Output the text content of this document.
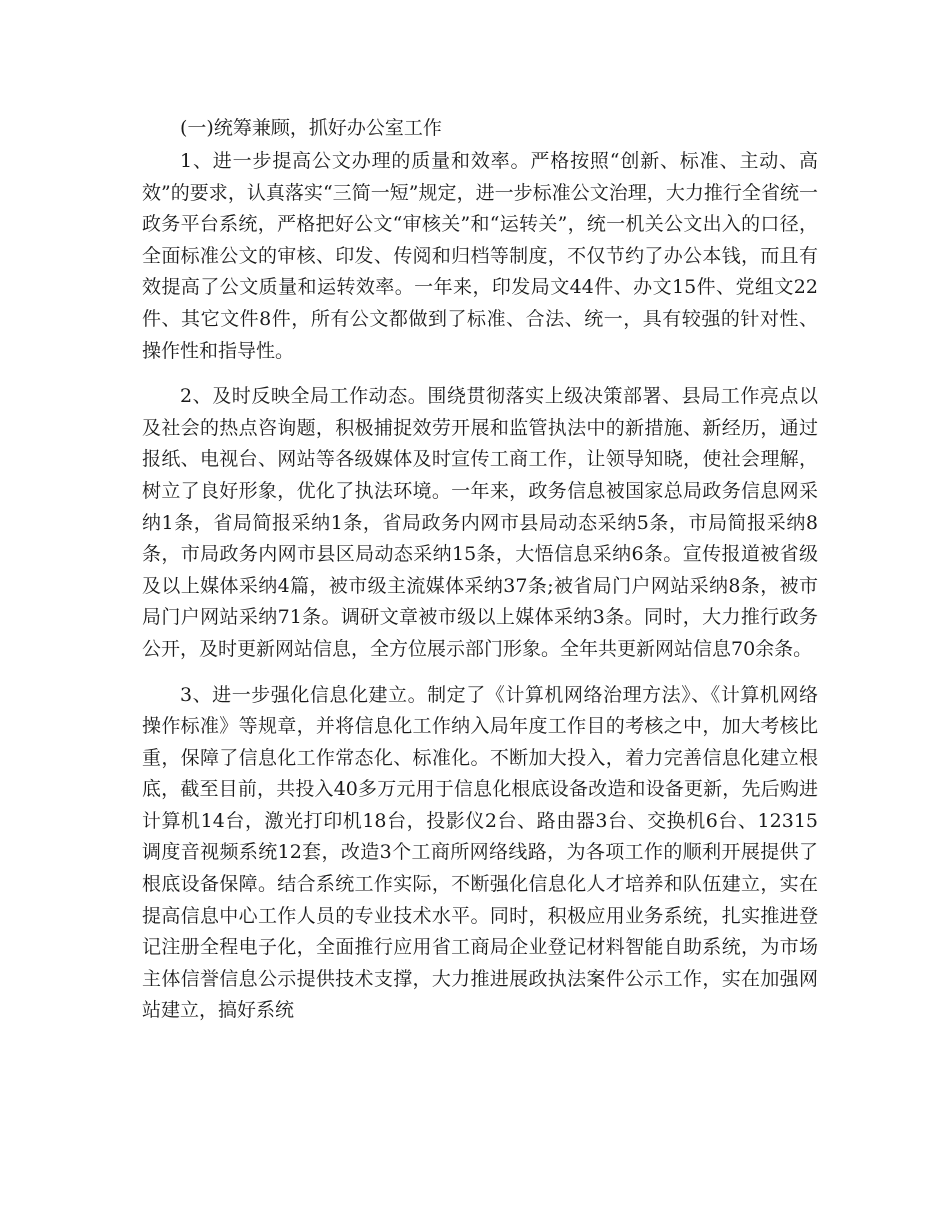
(一)统筹兼顾，抓好办公室工作

1、进一步提高公文办理的质量和效率。严格按照“创新、标准、主动、高效”的要求，认真落实“三简一短”规定，进一步标准公文治理，大力推行全省统一政务平台系统，严格把好公文“审核关”和“运转关”，统一机关公文出入的口径，全面标准公文的审核、印发、传阅和归档等制度，不仅节约了办公本钱，而且有效提高了公文质量和运转效率。一年来，印发局文44件、办文15件、党组文22件、其它文件8件，所有公文都做到了标准、合法、统一，具有较强的针对性、操作性和指导性。

2、及时反映全局工作动态。围绕贯彻落实上级决策部署、县局工作亮点以及社会的热点咨询题，积极捕捉效劳开展和监管执法中的新措施、新经历，通过报纸、电视台、网站等各级媒体及时宣传工商工作，让领导知晓，使社会理解，树立了良好形象，优化了执法环境。一年来，政务信息被国家总局政务信息网采纳1条，省局简报采纳1条，省局政务内网市县局动态采纳5条，市局简报采纳8条，市局政务内网市县区局动态采纳15条，大悟信息采纳6条。宣传报道被省级及以上媒体采纳4篇，被市级主流媒体采纳37条;被省局门户网站采纳8条，被市局门户网站采纳71条。调研文章被市级以上媒体采纳3条。同时，大力推行政务公开，及时更新网站信息，全方位展示部门形象。全年共更新网站信息70余条。

3、进一步强化信息化建立。制定了《计算机网络治理方法》、《计算机网络操作标准》等规章，并将信息化工作纳入局年度工作目的考核之中，加大考核比重，保障了信息化工作常态化、标准化。不断加大投入，着力完善信息化建立根底，截至目前，共投入40多万元用于信息化根底设备改造和设备更新，先后购进计算机14台，激光打印机18台，投影仪2台、路由器3台、交换机6台、12315调度音视频系统12套，改造3个工商所网络线路，为各项工作的顺利开展提供了根底设备保障。结合系统工作实际，不断强化信息化人才培养和队伍建立，实在提高信息中心工作人员的专业技术水平。同时，积极应用业务系统，扎实推进登记注册全程电子化，全面推行应用省工商局企业登记材料智能自助系统，为市场主体信誉信息公示提供技术支撑，大力推进展政执法案件公示工作，实在加强网站建立，搞好系统
